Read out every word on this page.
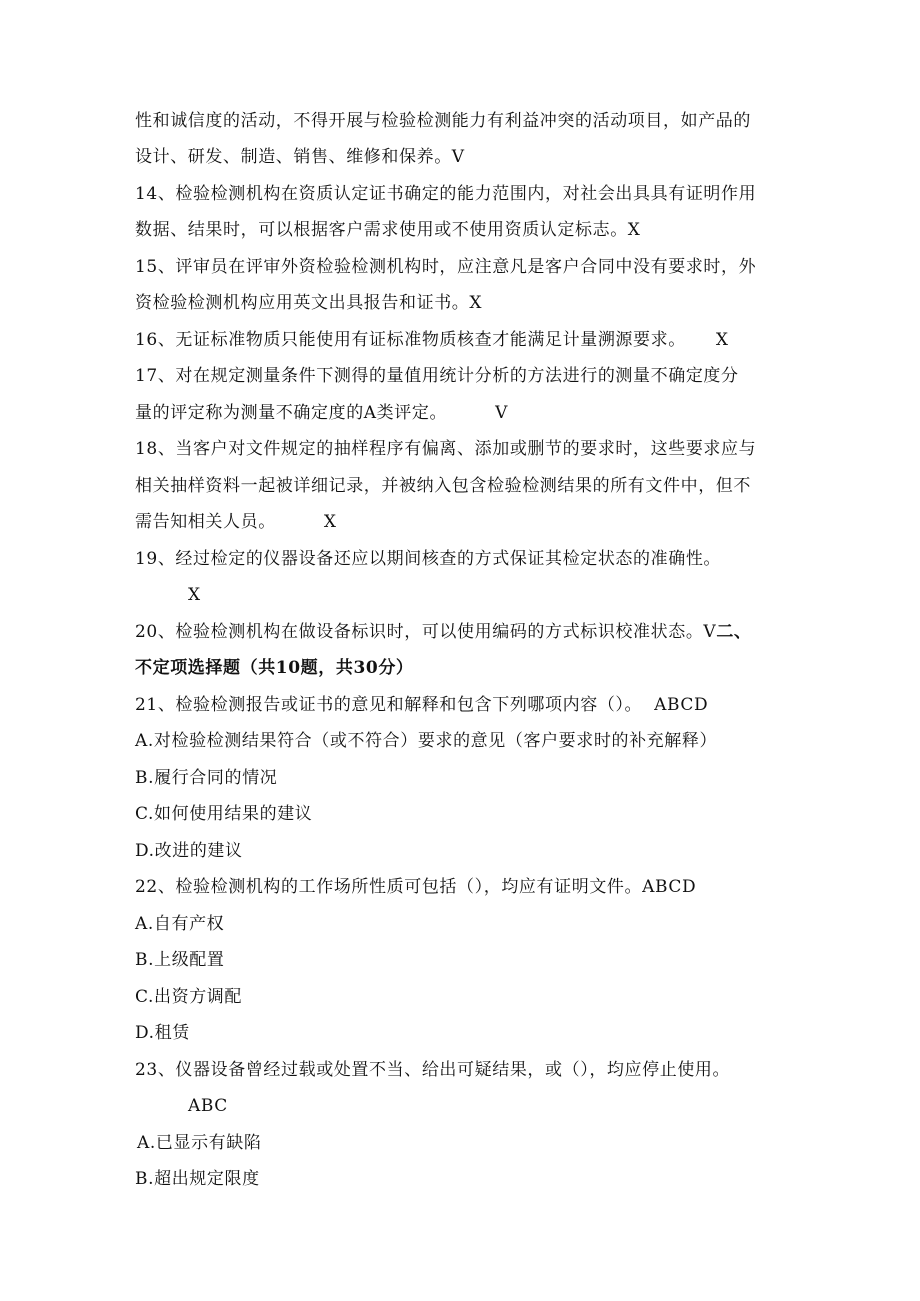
性和诚信度的活动，不得开展与检验检测能力有利益冲突的活动项目，如产品的
设计、研发、制造、销售、维修和保养。V
14、检验检测机构在资质认定证书确定的能力范围内，对社会出具具有证明作用
数据、结果时，可以根据客户需求使用或不使用资质认定标志。X
15、评审员在评审外资检验检测机构时，应注意凡是客户合同中没有要求时，外
资检验检测机构应用英文出具报告和证书。X
16、无证标准物质只能使用有证标准物质核查才能满足计量溯源要求。     X
17、对在规定测量条件下测得的量值用统计分析的方法进行的测量不确定度分
量的评定称为测量不确定度的A类评定。        V
18、当客户对文件规定的抽样程序有偏离、添加或删节的要求时，这些要求应与
相关抽样资料一起被详细记录，并被纳入包含检验检测结果的所有文件中，但不
需告知相关人员。        X
19、经过检定的仪器设备还应以期间核查的方式保证其检定状态的准确性。
X
20、检验检测机构在做设备标识时，可以使用编码的方式标识校准状态。V二、
不定项选择题（共10题，共30分）
21、检验检测报告或证书的意见和解释和包含下列哪项内容（）。  ABCD
A.对检验检测结果符合（或不符合）要求的意见（客户要求时的补充解释）
B.履行合同的情况
C.如何使用结果的建议
D.改进的建议
22、检验检测机构的工作场所性质可包括（），均应有证明文件。ABCD
A.自有产权
B.上级配置
C.出资方调配
D.租赁
23、仪器设备曾经过载或处置不当、给出可疑结果，或（），均应停止使用。
ABC
A.已显示有缺陷
B.超出规定限度
